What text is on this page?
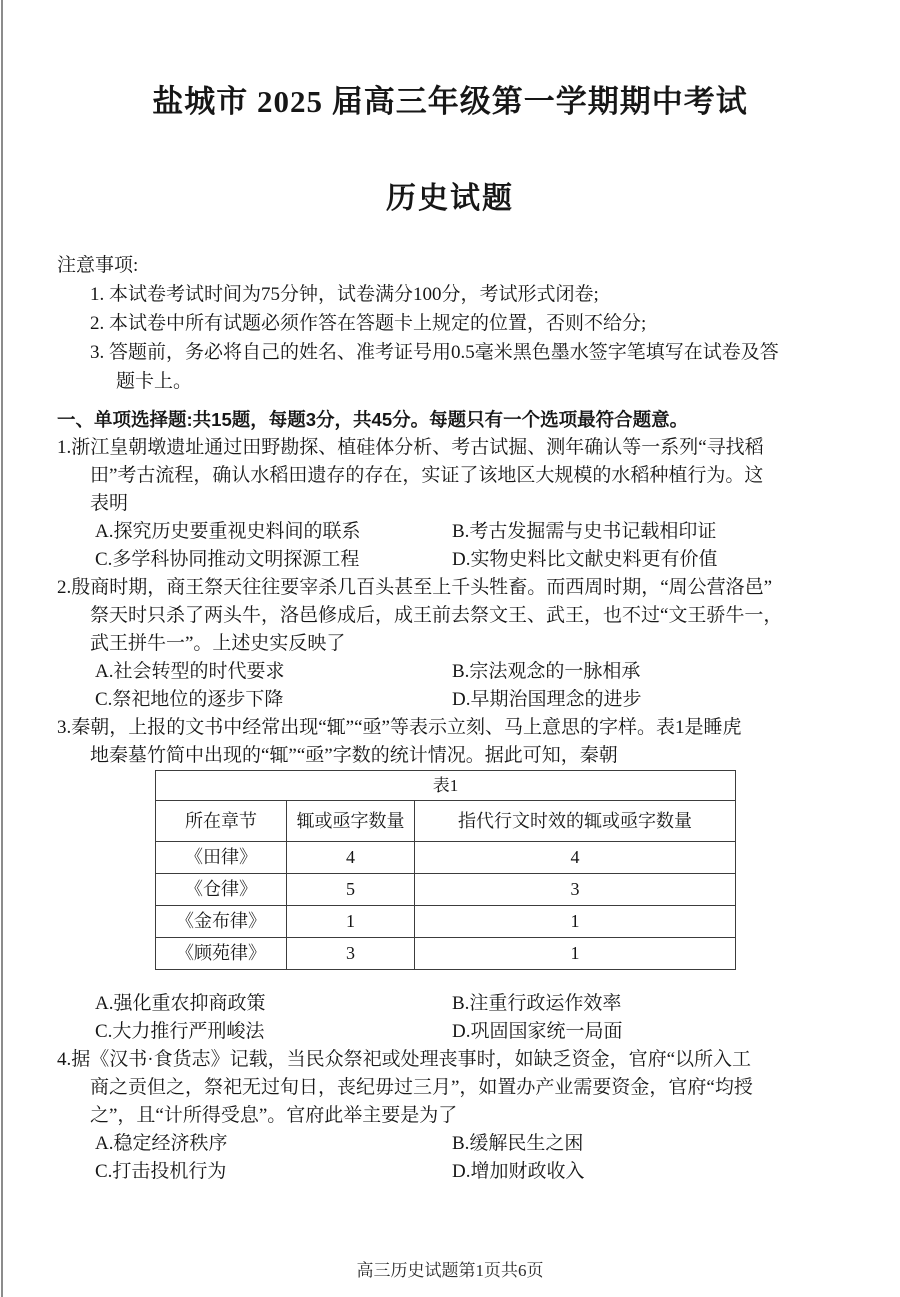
盐城市 2025 届高三年级第一学期期中考试
历史试题
注意事项:
1. 本试卷考试时间为75分钟，试卷满分100分，考试形式闭卷;
2. 本试卷中所有试题必须作答在答题卡上规定的位置，否则不给分;
3. 答题前，务必将自己的姓名、准考证号用0.5毫米黑色墨水签字笔填写在试卷及答
题卡上。
一、单项选择题:共15题，每题3分，共45分。每题只有一个选项最符合题意。
1.浙江皇朝墩遗址通过田野勘探、植硅体分析、考古试掘、测年确认等一系列“寻找稻
田”考古流程，确认水稻田遗存的存在，实证了该地区大规模的水稻种植行为。这
表明
A.探究历史要重视史料间的联系	B.考古发掘需与史书记载相印证
C.多学科协同推动文明探源工程	D.实物史料比文献史料更有价值
2.殷商时期，商王祭天往往要宰杀几百头甚至上千头牲畜。而西周时期，“周公营洛邑”
祭天时只杀了两头牛，洛邑修成后，成王前去祭文王、武王，也不过“文王骄牛一，
武王拼牛一”。上述史实反映了
A.社会转型的时代要求	B.宗法观念的一脉相承
C.祭祀地位的逐步下降	D.早期治国理念的进步
3.秦朝，上报的文书中经常出现“辄”“亟”等表示立刻、马上意思的字样。表1是睡虎
地秦墓竹简中出现的“辄”“亟”字数的统计情况。据此可知，秦朝
表1		
所在章节	辄或亟字数量	指代行文时效的辄或亟字数量
《田律》	4	4
《仓律》	5	3
《金布律》	1	1
《顾苑律》	3	1
A.强化重农抑商政策	B.注重行政运作效率
C.大力推行严刑峻法	D.巩固国家统一局面
4.据《汉书·食货志》记载，当民众祭祀或处理丧事时，如缺乏资金，官府“以所入工
商之贡但之，祭祀无过旬日，丧纪毋过三月”，如置办产业需要资金，官府“均授
之”，且“计所得受息”。官府此举主要是为了
A.稳定经济秩序	B.缓解民生之困
C.打击投机行为	D.增加财政收入
高三历史试题第1页共6页
